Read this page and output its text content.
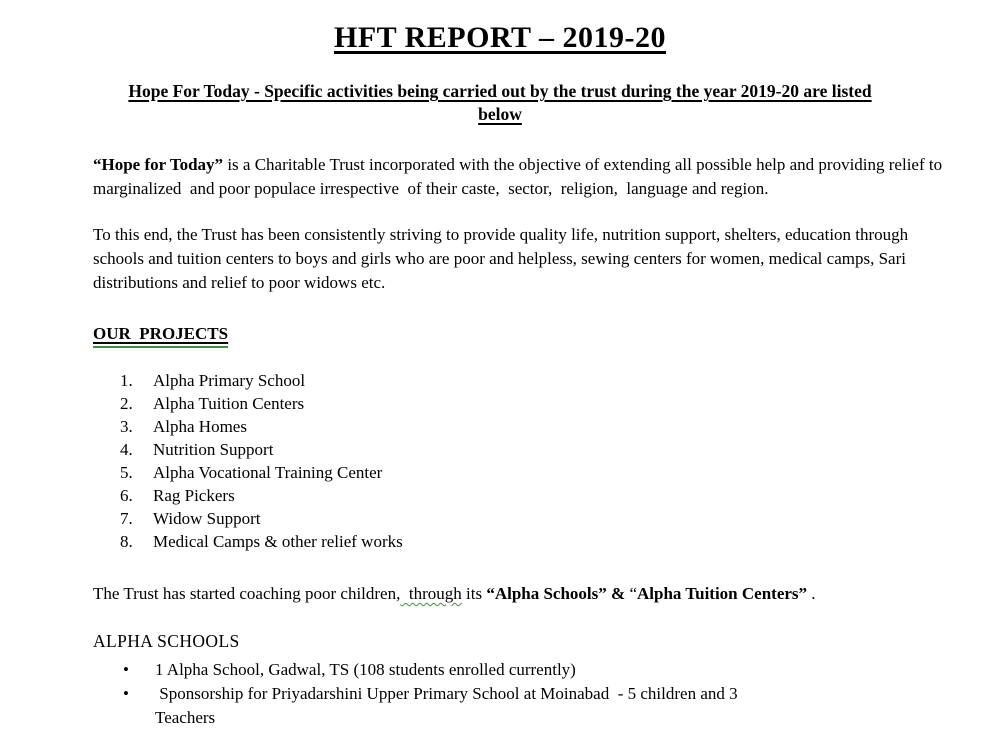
HFT REPORT – 2019-20
Hope For Today - Specific activities being carried out by the trust during the year 2019-20 are listed
below
“Hope for Today” is a Charitable Trust incorporated with the objective of extending all possible help and providing relief to marginalized  and poor populace irrespective  of their caste,  sector,  religion,  language and region.
To this end, the Trust has been consistently striving to provide quality life, nutrition support, shelters, education through schools and tuition centers to boys and girls who are poor and helpless, sewing centers for women, medical camps, Sari distributions and relief to poor widows etc.
OUR  PROJECTS
1.	Alpha Primary School
2.	Alpha Tuition Centers
3.	Alpha Homes
4.	Nutrition Support
5.	Alpha Vocational Training Center
6.	Rag Pickers
7.	Widow Support
8.	Medical Camps & other relief works
The Trust has started coaching poor children,  through its “Alpha Schools” & “Alpha Tuition Centers” .
ALPHA SCHOOLS
•	1 Alpha School, Gadwal, TS (108 students enrolled currently)
•	Sponsorship for Priyadarshini Upper Primary School at Moinabad  - 5 children and 3
Teachers
